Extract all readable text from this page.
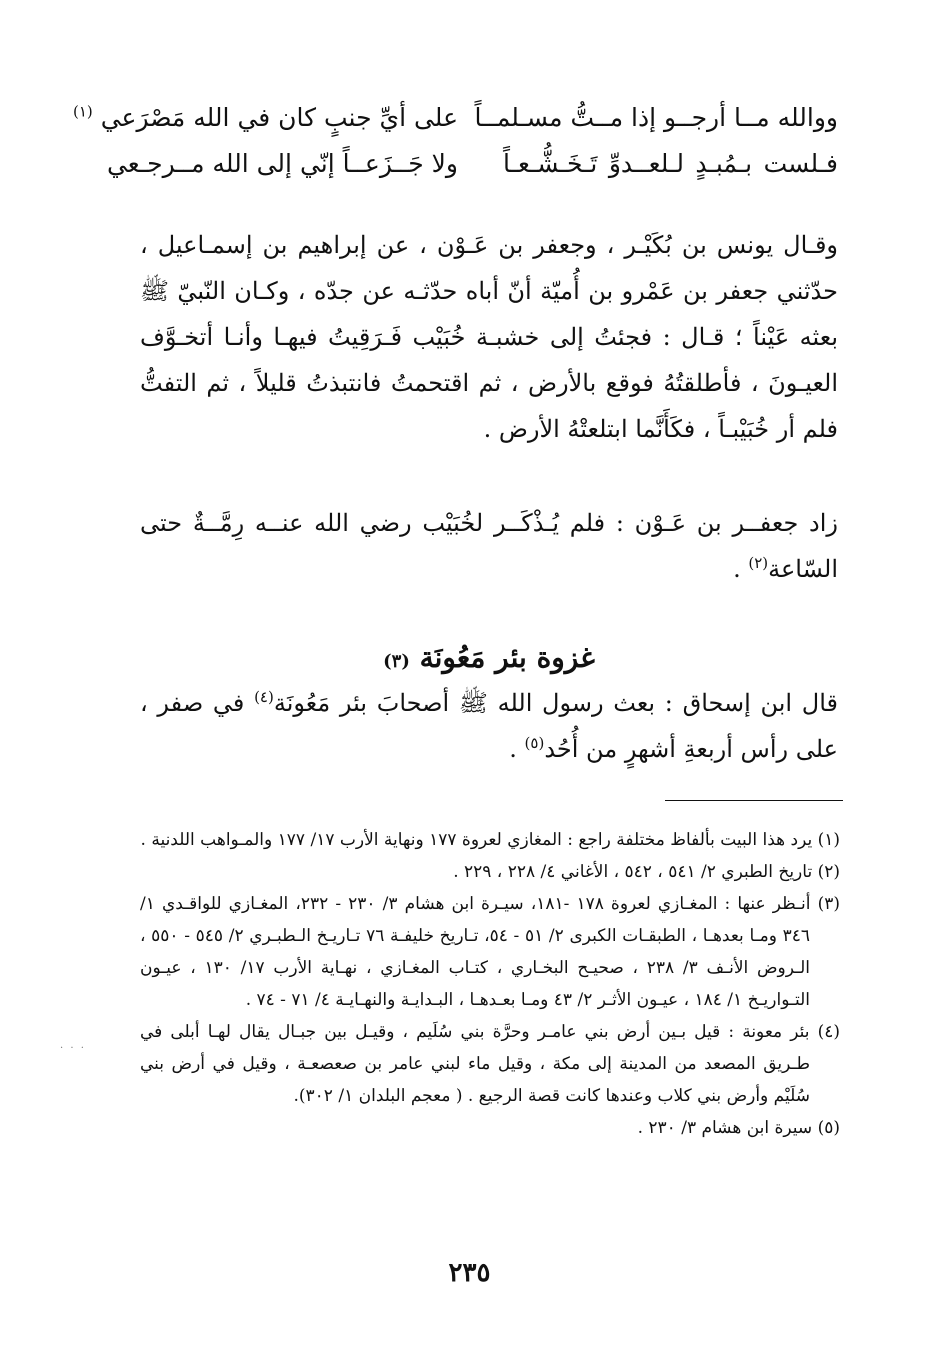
ووالله مــا أرجــو إذا مــتُّ مسـلمــاً
على أيِّ جنبٍ كان في الله مَصْرَعي $^{(١)}$
فـلست بـمُبـدٍ لـلعــدوِّ تَـخَـشُّـعـاً
ولا جَــزَعــاً إنّي إلى الله مــرجـعي

وقـال يونس بن بُكَيْـر ، وجعفر بن عَـوْن ، عن إبراهيم بن إسمـاعيل ، حدّثني جعفر بن عَمْرو بن أُميّة أنّ أباه حدّثـه عن جدّه ، وكـان النّبيّ ﷺ بعثه عَيْناً ؛ قـال : فجئتُ إلى خشبـة خُبَيْب فَـرَقِيتُ فيهـا وأنـا أتخـوَّف العيـونَ ، فأطلقتُهُ فوقع بالأرض ، ثم اقتحمتُ فانتبذتُ قليلاً ، ثم التفتُّ فلم أر خُبَيْبـاً ، فكَأَنَّما ابتلعتْهُ الأرض .

زاد جعفــر بن عَـوْن : فلم يُـذْكَــر لخُبَيْب رضي الله عنــه رِمَّــةٌ حتى السّاعة$^{(٢)}$ .

غزوة بئر مَعُونَة (٣)

قال ابن إسحاق : بعث رسول الله ﷺ أصحابَ بئر مَعُونَة$^{(٤)}$ في صفر ، على رأس أربعةِ أشهرٍ من أُحُد$^{(٥)}$ .

(١) يرد هذا البيت بألفاظ مختلفة راجع : المغازي لعروة ١٧٧ ونهاية الأرب ١٧/ ١٧٧ والمـواهب اللدنية .
(٢) تاريخ الطبري ٢/ ٥٤١ ، ٥٤٢ ، الأغاني ٤/ ٢٢٨ ، ٢٢٩ .
(٣) أنـظر عنها : المغـازي لعروة ١٧٨ -١٨١، سيـرة ابن هشام ٣/ ٢٣٠ - ٢٣٢، المغـازي للواقـدي ١/ ٣٤٦ ومـا بعدهـا ، الطبقـات الكبرى ٢/ ٥١ - ٥٤، تـاريخ خليفـة ٧٦ تـاريـخ الـطبـري ٢/ ٥٤٥ - ٥٥٠ ، الـروض الأنـف ٣/ ٢٣٨ ، صحيـح البخـاري ، كتـاب المغـازي ، نهـاية الأرب ١٧/ ١٣٠ ، عيـون التـواريـخ ١/ ١٨٤ ، عيـون الأثـر ٢/ ٤٣ ومـا بعـدهـا ، البـدايـة والنهـايـة ٤/ ٧١ - ٧٤ .
(٤) بئر معونة : قيل بـين أرض بني عامـر وحرَّة بني سُلَيم ، وقيـل بين جبـال يقال لهـا أبلى في طـريق المصعد من المدينة إلى مكة ، وقيل ماء لبني عامر بن صعصعـة ، وقيل في أرض بني سُلَيْم وأرض بني كلاب وعندها كانت قصة الرجيع . ( معجم البلدان ١/ ٣٠٢).
(٥) سيرة ابن هشام ٣/ ٢٣٠ .
. . .
٢٣٥
